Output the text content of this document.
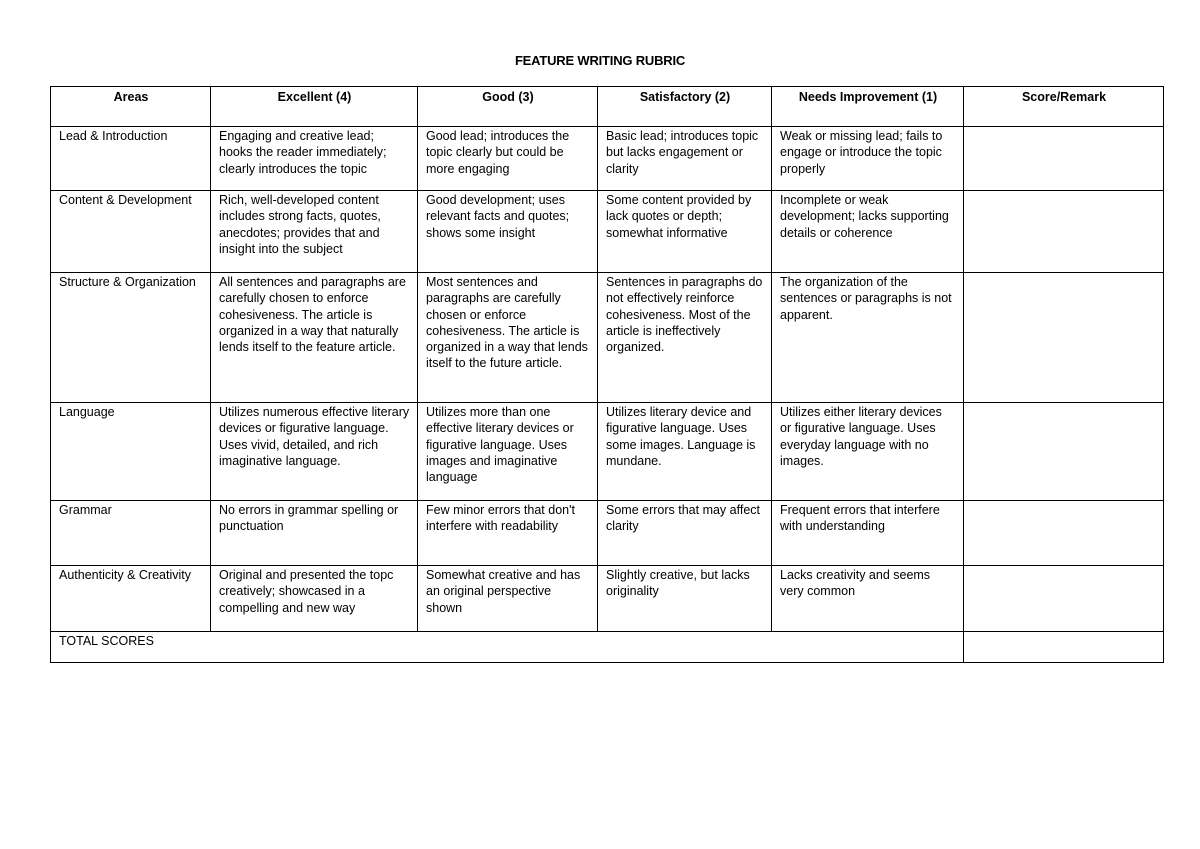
FEATURE WRITING RUBRIC
Areas	Excellent (4)	Good (3)	Satisfactory (2)	Needs Improvement (1)	Score/Remark
Lead & Introduction	Engaging and creative lead; hooks the reader immediately; clearly introduces the topic	Good lead; introduces the topic clearly but could be more engaging	Basic lead; introduces topic but lacks engagement or clarity	Weak or missing lead; fails to engage or introduce the topic properly	
Content & Development	Rich, well-developed content includes strong facts, quotes, anecdotes; provides that and insight into the subject	Good development; uses relevant facts and quotes; shows some insight	Some content provided by lack quotes or depth; somewhat informative	Incomplete or weak development; lacks supporting details or coherence	
Structure & Organization	All sentences and paragraphs are carefully chosen to enforce cohesiveness. The article is organized in a way that naturally lends itself to the feature article.	Most sentences and paragraphs are carefully chosen or enforce cohesiveness. The article is organized in a way that lends itself to the future article.	Sentences in paragraphs do not effectively reinforce cohesiveness. Most of the article is ineffectively organized.	The organization of the sentences or paragraphs is not apparent.	
Language	Utilizes numerous effective literary devices or figurative language. Uses vivid, detailed, and rich imaginative language.	Utilizes more than one effective literary devices or figurative language. Uses images and imaginative language	Utilizes literary device and figurative language. Uses some images. Language is mundane.	Utilizes either literary devices or figurative language. Uses everyday language with no images.	
Grammar	No errors in grammar spelling or punctuation	Few minor errors that don't interfere with readability	Some errors that may affect clarity	Frequent errors that interfere with understanding	
Authenticity & Creativity	Original and presented the topc creatively; showcased in a compelling and new way	Somewhat creative and has an original perspective shown	Slightly creative, but lacks originality	Lacks creativity and seems very common	
TOTAL SCORES					
